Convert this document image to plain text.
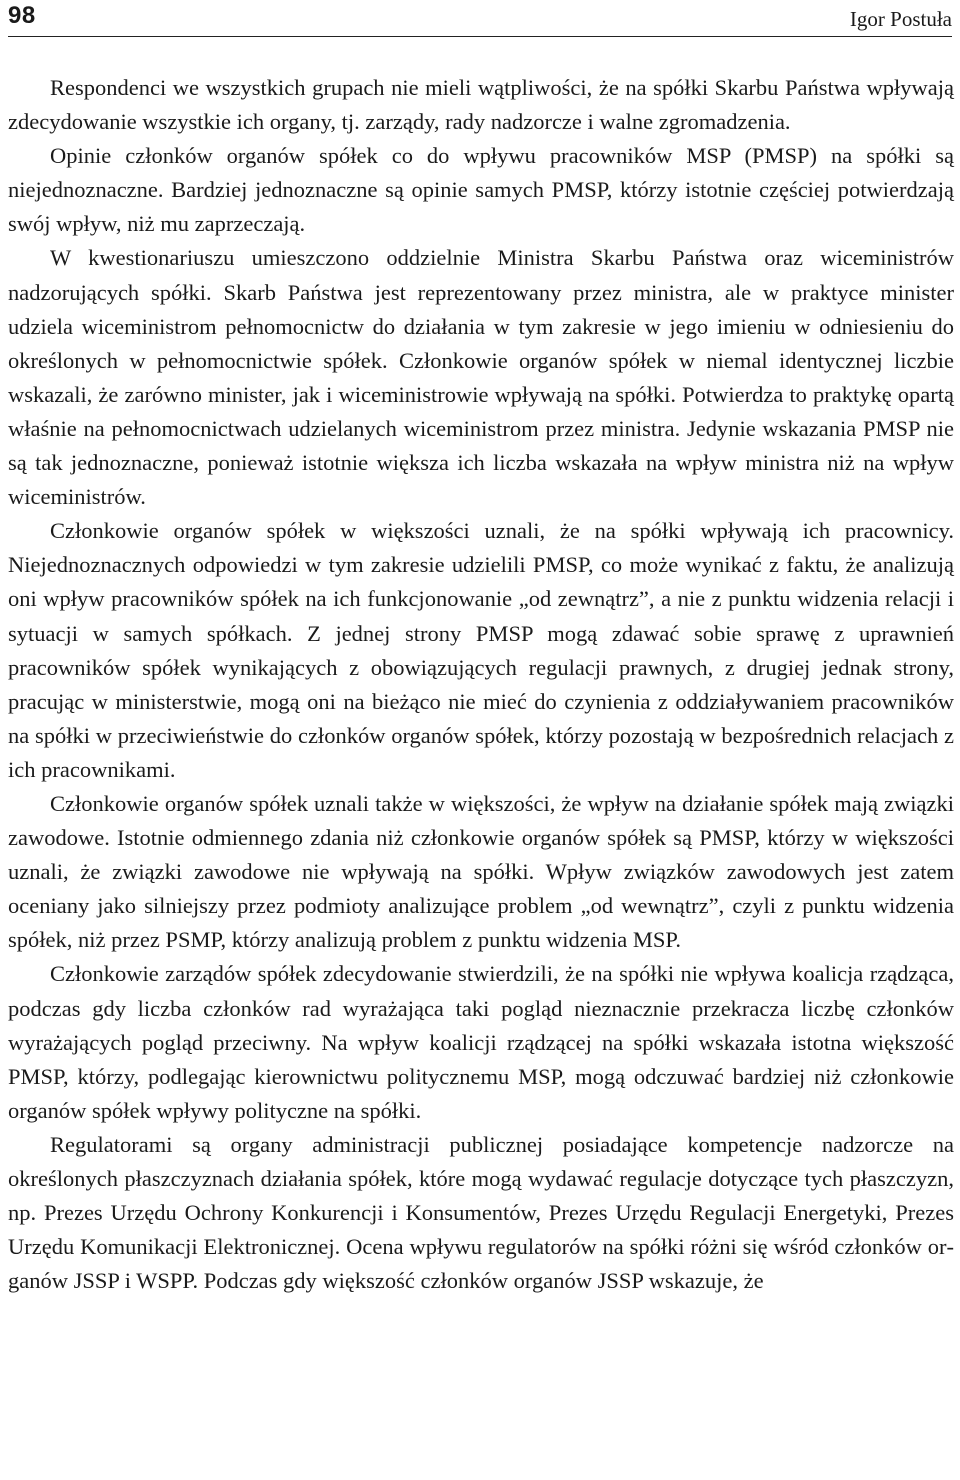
98	Igor Postuła

Respondenci we wszystkich grupach nie mieli wątpliwości, że na spółki Skarbu Państwa wpływają zdecydowanie wszystkie ich organy, tj. zarządy, rady nadzorcze i walne zgromadzenia.

Opinie członków organów spółek co do wpływu pracowników MSP (PMSP) na spółki są niejednoznaczne. Bardziej jednoznaczne są opinie samych PMSP, którzy istotnie częściej potwierdzają swój wpływ, niż mu zaprzeczają.

W kwestionariuszu umieszczono oddzielnie Ministra Skarbu Państwa oraz wiceministrów nadzorujących spółki. Skarb Państwa jest reprezentowany przez ministra, ale w praktyce minister udziela wiceministrom pełnomocnictw do działania w tym zakresie w jego imieniu w odniesieniu do określonych w pełnomocnictwie spółek. Członkowie organów spółek w niemal identycznej liczbie wskazali, że zarówno minister, jak i wiceministrowie wpływają na spółki. Potwierdza to praktykę opartą właśnie na pełnomocnictwach udzielanych wiceministrom przez ministra. Jedynie wskazania PMSP nie są tak jednoznaczne, ponieważ istotnie większa ich liczba wskazała na wpływ ministra niż na wpływ wiceministrów.

Członkowie organów spółek w większości uznali, że na spółki wpływają ich pracownicy. Niejednoznacznych odpowiedzi w tym zakresie udzielili PMSP, co może wynikać z faktu, że analizują oni wpływ pracowników spółek na ich funkcjonowanie „od zewnątrz”, a nie z punktu widzenia relacji i sytuacji w samych spółkach. Z jednej strony PMSP mogą zdawać sobie sprawę z uprawnień pracowników spółek wynikających z obowiązujących regulacji prawnych, z drugiej jednak strony, pracując w ministerstwie, mogą oni na bieżąco nie mieć do czynienia z oddziaływaniem pracowników na spółki w przeciwieństwie do członków organów spółek, którzy pozostają w bezpośrednich relacjach z ich pracownikami.

Członkowie organów spółek uznali także w większości, że wpływ na działanie spółek mają związki zawodowe. Istotnie odmiennego zdania niż członkowie organów spółek są PMSP, którzy w większości uznali, że związki zawodowe nie wpływają na spółki. Wpływ związków zawodowych jest zatem oceniany jako silniejszy przez podmioty analizujące problem „od wewnątrz”, czyli z punktu widzenia spółek, niż przez PSMP, którzy analizują problem z punktu widzenia MSP.

Członkowie zarządów spółek zdecydowanie stwierdzili, że na spółki nie wpływa koalicja rządząca, podczas gdy liczba członków rad wyrażająca taki pogląd nieznacznie przekracza liczbę członków wyrażających pogląd przeciwny. Na wpływ koalicji rządzącej na spółki wskazała istotna większość PMSP, którzy, podlegając kierownictwu politycznemu MSP, mogą odczuwać bardziej niż członkowie organów spółek wpływy polityczne na spółki.

Regulatorami są organy administracji publicznej posiadające kompetencje nadzorcze na określonych płaszczyznach działania spółek, które mogą wydawać regulacje dotyczące tych płaszczyzn, np. Prezes Urzędu Ochrony Konkurencji i Konsumentów, Prezes Urzędu Regulacji Energetyki, Prezes Urzędu Komunikacji Elektronicznej. Ocena wpływu regulatorów na spółki różni się wśród członków organów JSSP i WSPP. Podczas gdy większość członków organów JSSP wskazuje, że
